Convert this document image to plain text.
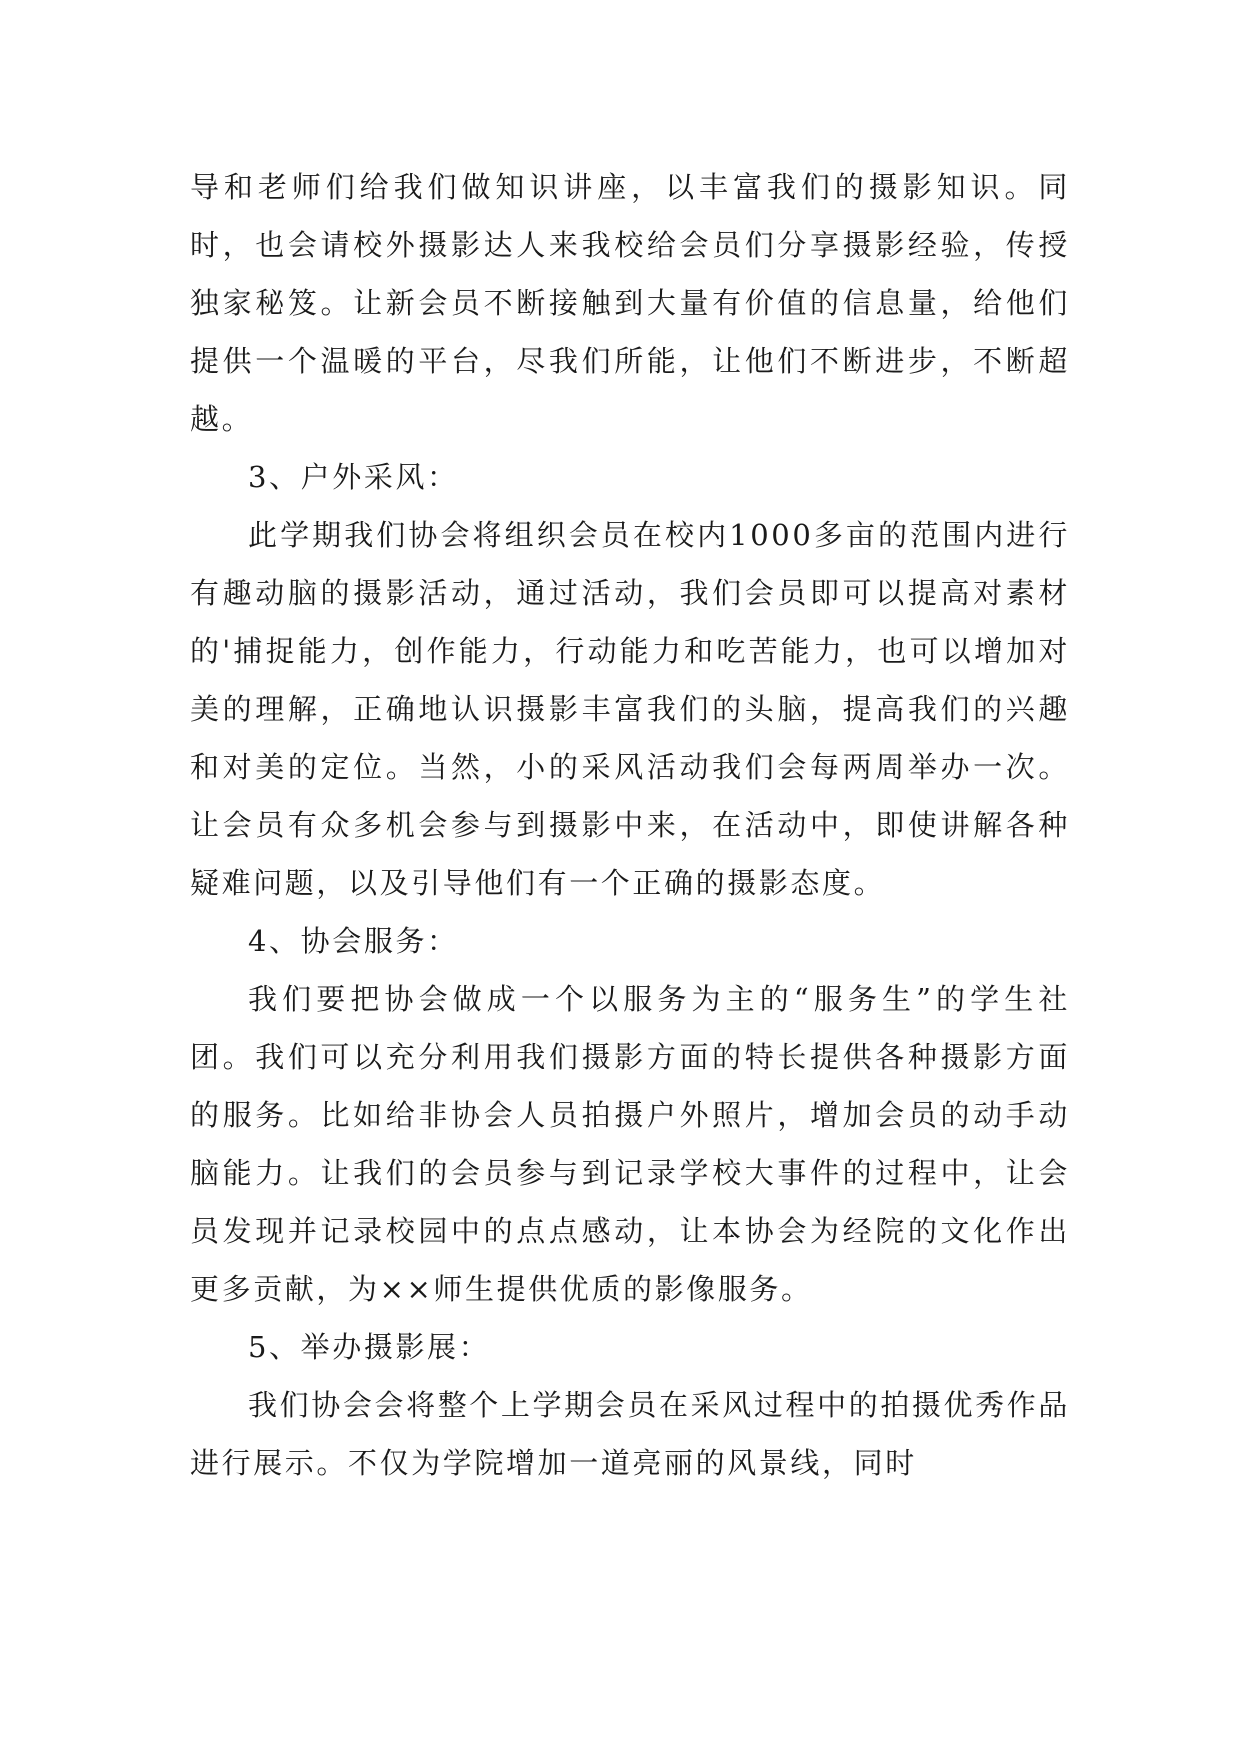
导和老师们给我们做知识讲座，以丰富我们的摄影知识。同时，也会请校外摄影达人来我校给会员们分享摄影经验，传授独家秘笈。让新会员不断接触到大量有价值的信息量，给他们提供一个温暖的平台，尽我们所能，让他们不断进步，不断超越。

3、户外采风：

此学期我们协会将组织会员在校内1000多亩的范围内进行有趣动脑的摄影活动，通过活动，我们会员即可以提高对素材的'捕捉能力，创作能力，行动能力和吃苦能力，也可以增加对美的理解，正确地认识摄影丰富我们的头脑，提高我们的兴趣和对美的定位。当然，小的采风活动我们会每两周举办一次。让会员有众多机会参与到摄影中来，在活动中，即使讲解各种疑难问题，以及引导他们有一个正确的摄影态度。

4、协会服务：

我们要把协会做成一个以服务为主的“服务生”的学生社团。我们可以充分利用我们摄影方面的特长提供各种摄影方面的服务。比如给非协会人员拍摄户外照片，增加会员的动手动脑能力。让我们的会员参与到记录学校大事件的过程中，让会员发现并记录校园中的点点感动，让本协会为经院的文化作出更多贡献，为××师生提供优质的影像服务。

5、举办摄影展：

我们协会会将整个上学期会员在采风过程中的拍摄优秀作品进行展示。不仅为学院增加一道亮丽的风景线，同时
